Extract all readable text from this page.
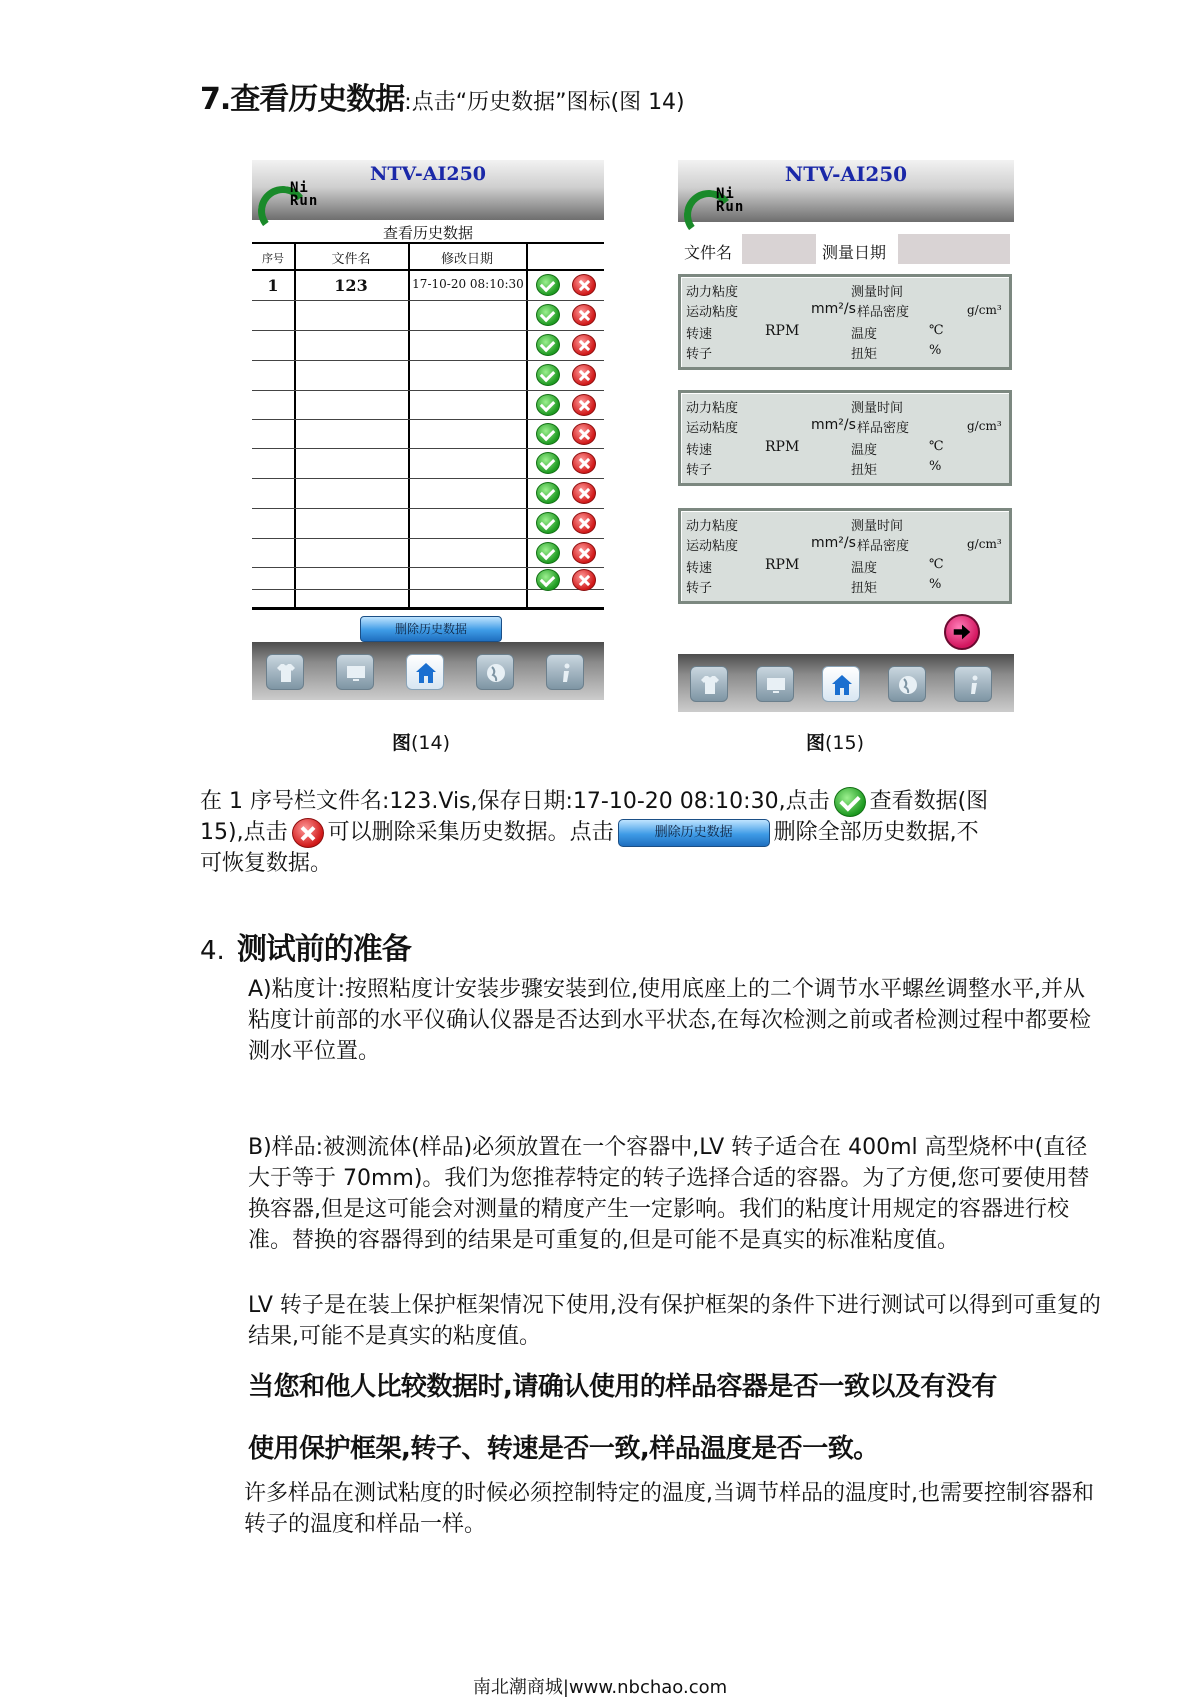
7.查看历史数据:点击“历史数据”图标(图 14)
NTV-AI250
Ni
Run
查看历史数据
序号	文件名	修改日期
1	123	17-10-20 08:10:30
删除历史数据
图(14)
NTV-AI250
Ni
Run
文件名	测量日期
动力粘度
运动粘度
转速
转子
测量时间
mm²/s 样品密度	g/cm³
RPM	温度	℃
扭矩	%
动力粘度
运动粘度
转速
转子
测量时间
mm²/s 样品密度	g/cm³
RPM	温度	℃
扭矩	%
动力粘度
运动粘度
转速
转子
测量时间
mm²/s 样品密度	g/cm³
RPM	温度	℃
扭矩	%
图(15)
在 1 序号栏文件名:123.Vis,保存日期:17-10-20 08:10:30,点击 查看数据(图
15),点击 可以删除采集历史数据。点击	删除历史数据 删除全部历史数据,不
可恢复数据。
4. 测试前的准备
A)粘度计:按照粘度计安装步骤安装到位,使用底座上的二个调节水平螺丝调整水平,并从粘度计前部的水平仪确认仪器是否达到水平状态,在每次检测之前或者检测过程中都要检测水平位置。
B)样品:被测流体(样品)必须放置在一个容器中,LV 转子适合在 400ml 高型烧杯中(直径大于等于 70mm)。我们为您推荐特定的转子选择合适的容器。为了方便,您可要使用替换容器,但是这可能会对测量的精度产生一定影响。我们的粘度计用规定的容器进行校准。替换的容器得到的结果是可重复的,但是可能不是真实的标准粘度值。
LV 转子是在装上保护框架情况下使用,没有保护框架的条件下进行测试可以得到可重复的结果,可能不是真实的粘度值。
当您和他人比较数据时,请确认使用的样品容器是否一致以及有没有
使用保护框架,转子、转速是否一致,样品温度是否一致。
许多样品在测试粘度的时候必须控制特定的温度,当调节样品的温度时,也需要控制容器和转子的温度和样品一样。
南北潮商城|www.nbchao.com
